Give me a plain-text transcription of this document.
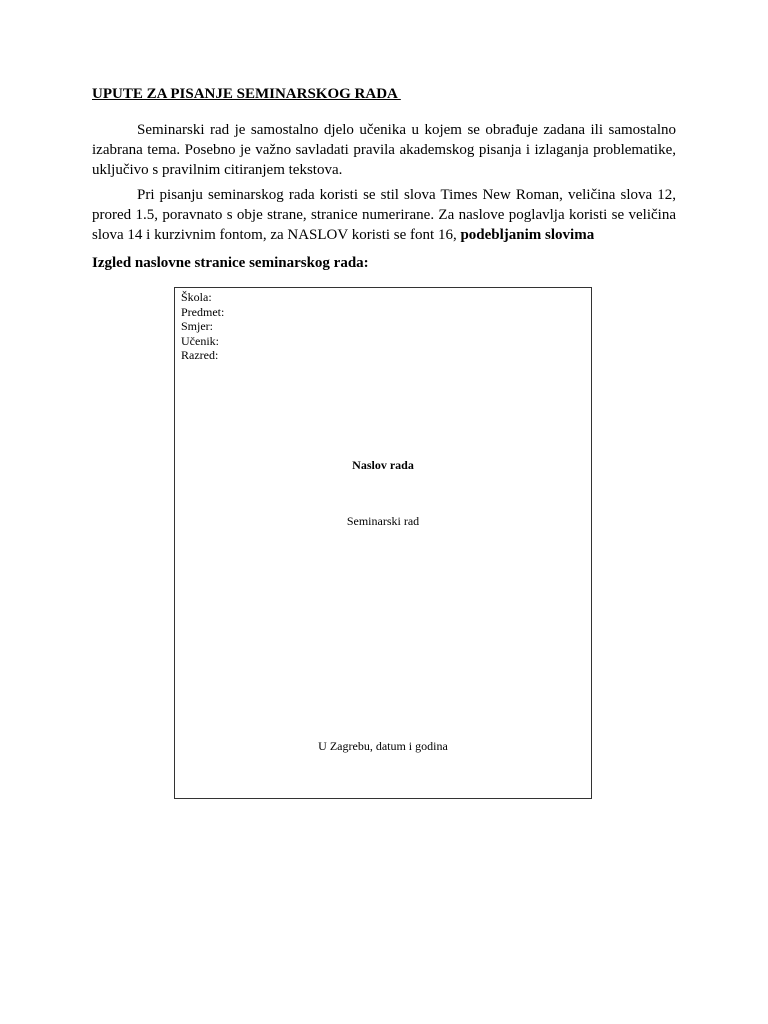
UPUTE ZA PISANJE SEMINARSKOG RADA

Seminarski rad je samostalno djelo učenika u kojem se obrađuje zadana ili samostalno izabrana tema. Posebno je važno savladati pravila akademskog pisanja i izlaganja problematike, uključivo s pravilnim citiranjem tekstova.

Pri pisanju seminarskog rada koristi se stil slova Times New Roman, veličina slova 12, prored 1.5, poravnato s obje strane, stranice numerirane. Za naslove poglavlja koristi se veličina slova 14 i kurzivnim fontom, za NASLOV koristi se font 16, podebljanim slovima

Izgled naslovne stranice seminarskog rada:

Škola:
Predmet:
Smjer:
Učenik:
Razred:

Naslov rada

Seminarski rad

U Zagrebu, datum i godina
